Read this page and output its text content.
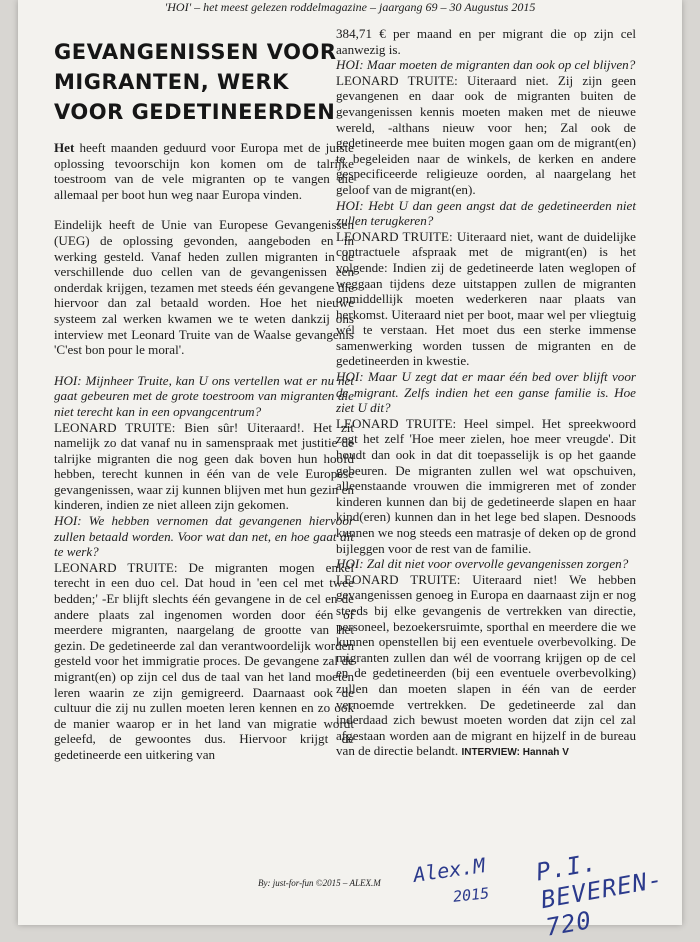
'HOI' – het meest gelezen roddelmagazine – jaargang 69 – 30 Augustus 2015
GEVANGENISSEN VOOR MIGRANTEN, WERK VOOR GEDETINEERDEN

Het heeft maanden geduurd voor Europa met de juiste oplossing tevoorschijn kon komen om de talrijke toestroom van de vele migranten op te vangen die allemaal per boot hun weg naar Europa vinden.

Eindelijk heeft de Unie van Europese Gevangenissen (UEG) de oplossing gevonden, aangeboden en in werking gesteld. Vanaf heden zullen migranten in de verschillende duo cellen van de gevangenissen een onderdak krijgen, tezamen met steeds één gevangene die hiervoor dan zal betaald worden. Hoe het nieuwe systeem zal werken kwamen we te weten dankzij ons interview met Leonard Truite van de Waalse gevangenis 'C'est bon pour le moral'.

HOI: Mijnheer Truite, kan U ons vertellen wat er nu net gaat gebeuren met de grote toestroom van migranten die niet terecht kan in een opvangcentrum?

LEONARD TRUITE: Bien sûr! Uiteraard!. Het zit namelijk zo dat vanaf nu in samenspraak met justitie de talrijke migranten die nog geen dak boven hun hoofd hebben, terecht kunnen in één van de vele Europese gevangenissen, waar zij kunnen blijven met hun gezin en kinderen, indien ze niet alleen zijn gekomen.

HOI: We hebben vernomen dat gevangenen hiervoor zullen betaald worden. Voor wat dan net, en hoe gaat dit te werk?

LEONARD TRUITE: De migranten mogen enkel terecht in een duo cel. Dat houd in 'een cel met twee bedden;' -Er blijft slechts één gevangene in de cel en de andere plaats zal ingenomen worden door één of meerdere migranten, naargelang de grootte van het gezin. De gedetineerde zal dan verantwoordelijk worden gesteld voor het immigratie proces. De gevangene zal de migrant(en) op zijn cel dus de taal van het land moeten leren waarin ze zijn gemigreerd. Daarnaast ook de cultuur die zij nu zullen moeten leren kennen en zo ook de manier waarop er in het land van migratie wordt geleefd, de gewoontes dus. Hiervoor krijgt de gedetineerde een uitkering van

384,71 € per maand en per migrant die op zijn cel aanwezig is.

HOI: Maar moeten de migranten dan ook op cel blijven?

LEONARD TRUITE: Uiteraard niet. Zij zijn geen gevangenen en daar ook de migranten buiten de gevangenissen kennis moeten maken met de nieuwe wereld, -althans nieuw voor hen; Zal ook de gedetineerde mee buiten mogen gaan om de migrant(en) te begeleiden naar de winkels, de kerken en andere gespecificeerde religieuze oorden, al naargelang het geloof van de migrant(en).

HOI: Hebt U dan geen angst dat de gedetineerden niet zullen terugkeren?

LEONARD TRUITE: Uiteraard niet, want de duidelijke contractuele afspraak met de migrant(en) is het volgende: Indien zij de gedetineerde laten weglopen of weggaan tijdens deze uitstappen zullen de migranten onmiddellijk moeten wederkeren naar plaats van herkomst. Uiteraard niet per boot, maar wel per vliegtuig wél te verstaan. Het moet dus een sterke immense samenwerking worden tussen de migranten en de gedetineerden in kwestie.

HOI: Maar U zegt dat er maar één bed over blijft voor de migrant. Zelfs indien het een ganse familie is. Hoe ziet U dit?

LEONARD TRUITE: Heel simpel. Het spreekwoord zegt het zelf 'Hoe meer zielen, hoe meer vreugde'. Dit houdt dan ook in dat dit toepasselijk is op het gaande gebeuren. De migranten zullen wel wat opschuiven, alleenstaande vrouwen die immigreren met of zonder kinderen kunnen dan bij de gedetineerde slapen en haar kind(eren) kunnen dan in het lege bed slapen. Desnoods kunnen we nog steeds een matrasje of deken op de grond bijleggen voor de rest van de familie.

HOI: Zal dit niet voor overvolle gevangenissen zorgen?

LEONARD TRUITE: Uiteraard niet! We hebben gevangenissen genoeg in Europa en daarnaast zijn er nog steeds bij elke gevangenis de vertrekken van directie, personeel, bezoekersruimte, sporthal en meerdere die we kunnen openstellen bij een eventuele overbevolking. De migranten zullen dan wél de voorrang krijgen op de cel en de gedetineerden (bij een eventuele overbevolking) zullen dan moeten slapen in één van de eerder vernoemde vertrekken. De gedetineerde zal dan inderdaad zich bewust moeten worden dat zijn cel zal afgestaan worden aan de migrant en hijzelf in de bureau van de directie belandt. INTERVIEW: Hannah V

By: just-for-fun ©2015 – ALEX.M Alex.M
2015
P.I. BEVEREN-720
